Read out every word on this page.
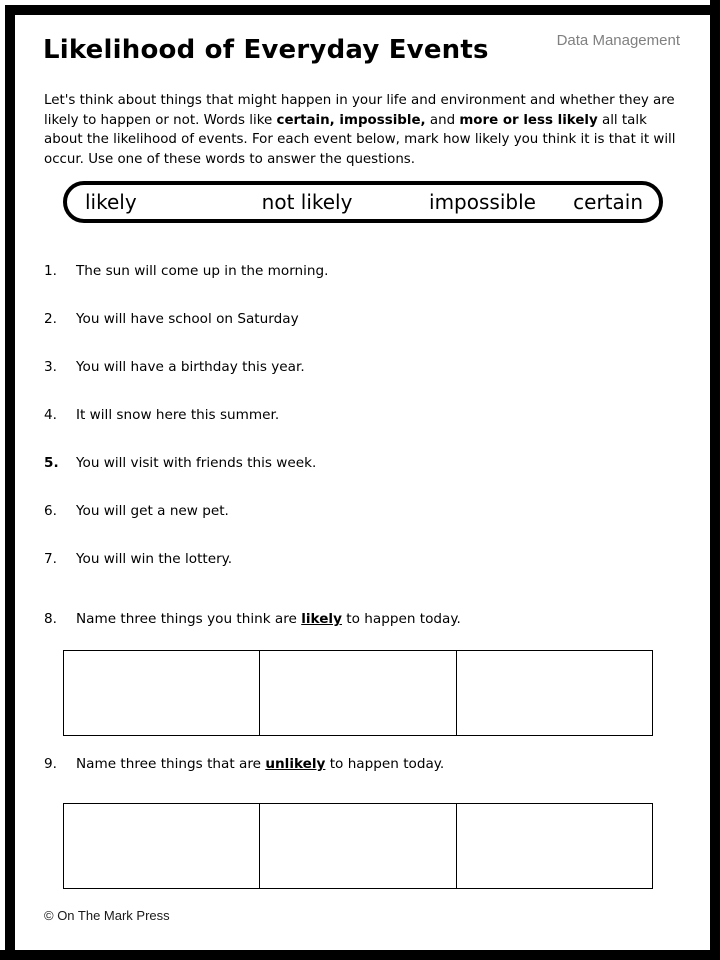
Likelihood of Everyday Events	Data Management
Let's think about things that might happen in your life and environment and whether they are likely to happen or not. Words like certain, impossible, and more or less likely all talk about the likelihood of events. For each event below, mark how likely you think it is that it will occur. Use one of these words to answer the questions.
likely	not likely	impossible	certain
1.	The sun will come up in the morning.
2.	You will have school on Saturday
3.	You will have a birthday this year.
4.	It will snow here this summer.
5.	You will visit with friends this week.
6.	You will get a new pet.
7.	You will win the lottery.
8.	Name three things you think are likely to happen today.
9.	Name three things that are unlikely to happen today.
© On The Mark Press
